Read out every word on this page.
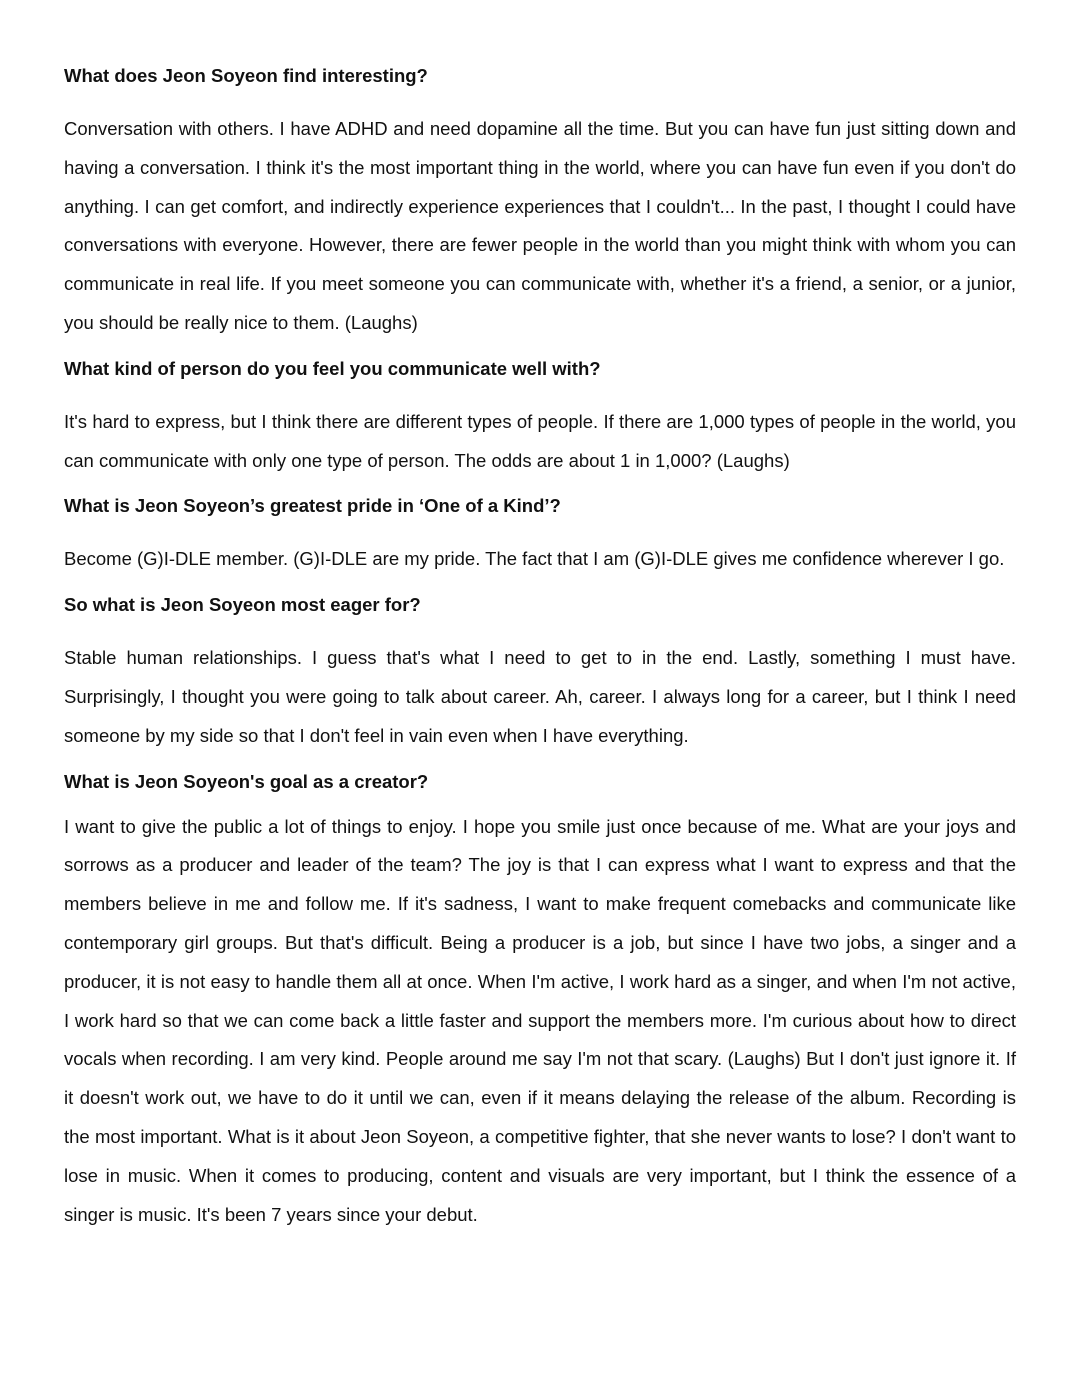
What does Jeon Soyeon find interesting?

Conversation with others. I have ADHD and need dopamine all the time. But you can have fun just sitting down and having a conversation. I think it's the most important thing in the world, where you can have fun even if you don't do anything. I can get comfort, and indirectly experience experiences that I couldn't... In the past, I thought I could have conversations with everyone. However, there are fewer people in the world than you might think with whom you can communicate in real life. If you meet someone you can communicate with, whether it's a friend, a senior, or a junior, you should be really nice to them. (Laughs)

What kind of person do you feel you communicate well with?

It's hard to express, but I think there are different types of people. If there are 1,000 types of people in the world, you can communicate with only one type of person. The odds are about 1 in 1,000? (Laughs)

What is Jeon Soyeon’s greatest pride in ‘One of a Kind’?

Become (G)I-DLE member. (G)I-DLE are my pride. The fact that I am (G)I-DLE gives me confidence wherever I go.

So what is Jeon Soyeon most eager for?

Stable human relationships. I guess that's what I need to get to in the end. Lastly, something I must have. Surprisingly, I thought you were going to talk about career. Ah, career. I always long for a career, but I think I need someone by my side so that I don't feel in vain even when I have everything.

What is Jeon Soyeon's goal as a creator?

I want to give the public a lot of things to enjoy. I hope you smile just once because of me. What are your joys and sorrows as a producer and leader of the team? The joy is that I can express what I want to express and that the members believe in me and follow me. If it's sadness, I want to make frequent comebacks and communicate like contemporary girl groups. But that's difficult. Being a producer is a job, but since I have two jobs, a singer and a producer, it is not easy to handle them all at once. When I'm active, I work hard as a singer, and when I'm not active, I work hard so that we can come back a little faster and support the members more. I'm curious about how to direct vocals when recording. I am very kind. People around me say I'm not that scary. (Laughs) But I don't just ignore it. If it doesn't work out, we have to do it until we can, even if it means delaying the release of the album. Recording is the most important. What is it about Jeon Soyeon, a competitive fighter, that she never wants to lose? I don't want to lose in music. When it comes to producing, content and visuals are very important, but I think the essence of a singer is music. It's been 7 years since your debut.
